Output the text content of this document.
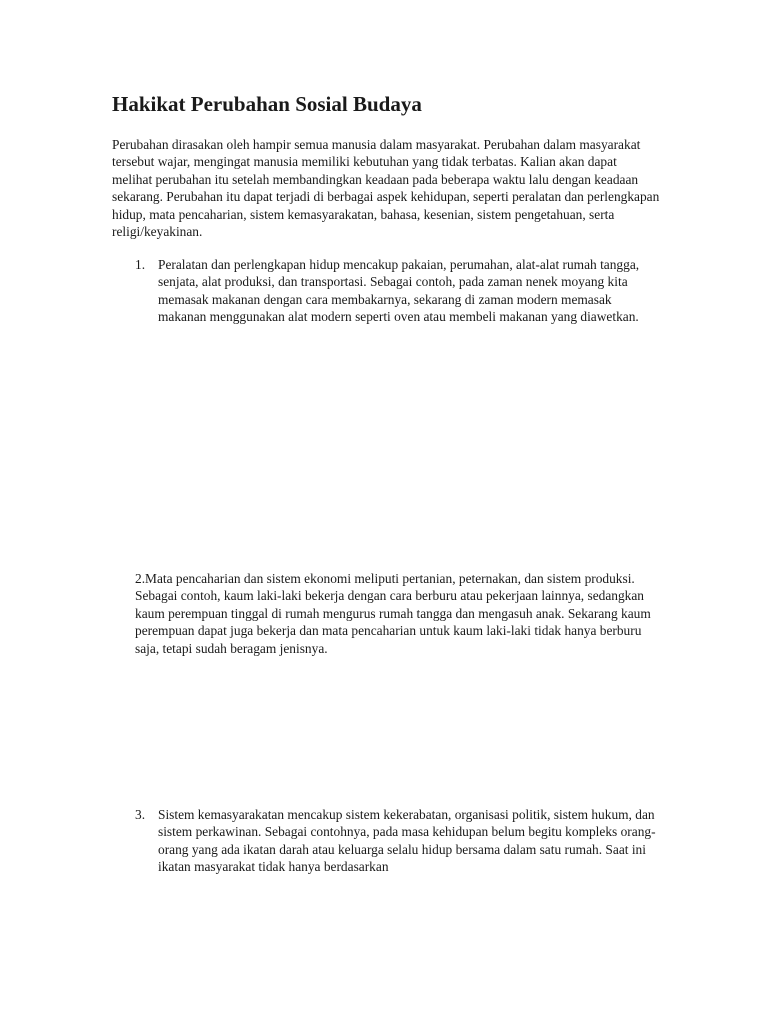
Hakikat Perubahan Sosial Budaya

Perubahan dirasakan oleh hampir semua manusia dalam masyarakat. Perubahan dalam masyarakat tersebut wajar, mengingat manusia memiliki kebutuhan yang tidak terbatas. Kalian akan dapat melihat perubahan itu setelah membandingkan keadaan pada beberapa waktu lalu dengan keadaan sekarang. Perubahan itu dapat terjadi di berbagai aspek kehidupan, seperti peralatan dan perlengkapan hidup, mata pencaharian, sistem kemasyarakatan, bahasa, kesenian, sistem pengetahuan, serta religi/keyakinan.

1. Peralatan dan perlengkapan hidup mencakup pakaian, perumahan, alat-alat rumah tangga, senjata, alat produksi, dan transportasi. Sebagai contoh, pada zaman nenek moyang kita memasak makanan dengan cara membakarnya, sekarang di zaman modern memasak makanan menggunakan alat modern seperti oven atau membeli makanan yang diawetkan.
2.Mata pencaharian dan sistem ekonomi meliputi pertanian, peternakan, dan sistem produksi. Sebagai contoh, kaum laki-laki bekerja dengan cara berburu atau pekerjaan lainnya, sedangkan kaum perempuan tinggal di rumah mengurus rumah tangga dan mengasuh anak. Sekarang kaum perempuan dapat juga bekerja dan mata pencaharian untuk kaum laki-laki tidak hanya berburu saja, tetapi sudah beragam jenisnya.
3. Sistem kemasyarakatan mencakup sistem kekerabatan, organisasi politik, sistem hukum, dan sistem perkawinan. Sebagai contohnya, pada masa kehidupan belum begitu kompleks orang-orang yang ada ikatan darah atau keluarga selalu hidup bersama dalam satu rumah. Saat ini ikatan masyarakat tidak hanya berdasarkan
